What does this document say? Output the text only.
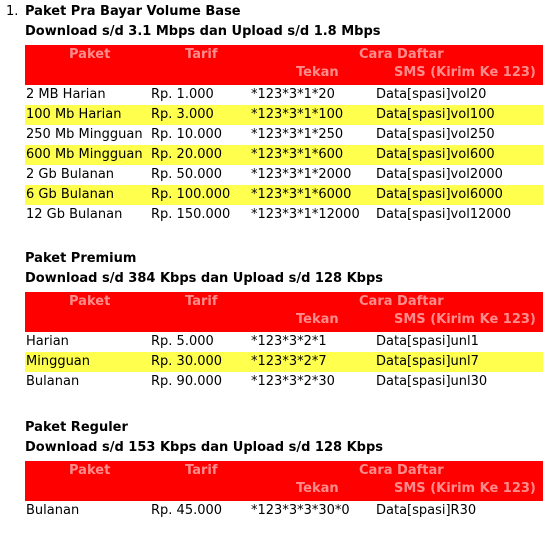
1. Paket Pra Bayar Volume Base
Download s/d 3.1 Mbps dan Upload s/d 1.8 Mbps
Paket	Tarif	Cara Daftar
Tekan	SMS (Kirim Ke 123)
2 MB Harian	Rp. 1.000	*123*3*1*20	Data[spasi]vol20
100 Mb Harian Rp. 3.000	*123*3*1*100	Data[spasi]vol100
250 Mb Mingguan Rp. 10.000 *123*3*1*250	Data[spasi]vol250
600 Mb Mingguan Rp. 20.000 *123*3*1*600	Data[spasi]vol600
2 Gb Bulanan	Rp. 50.000 *123*3*1*2000 Data[spasi]vol2000
6 Gb Bulanan	Rp. 100.000 *123*3*1*6000 Data[spasi]vol6000
12 Gb Bulanan Rp. 150.000 *123*3*1*12000 Data[spasi]vol12000
Paket Premium
Download s/d 384 Kbps dan Upload s/d 128 Kbps
Paket	Tarif	Cara Daftar
Tekan	SMS (Kirim Ke 123)
Harian	Rp. 5.000	*123*3*2*1	Data[spasi]unl1
Mingguan	Rp. 30.000 *123*3*2*7	Data[spasi]unl7
Bulanan	Rp. 90.000 *123*3*2*30	Data[spasi]unl30
Paket Reguler
Download s/d 153 Kbps dan Upload s/d 128 Kbps
Paket	Tarif	Cara Daftar
Tekan	SMS (Kirim Ke 123)
Bulanan	Rp. 45.000 *123*3*3*30*0 Data[spasi]R30
